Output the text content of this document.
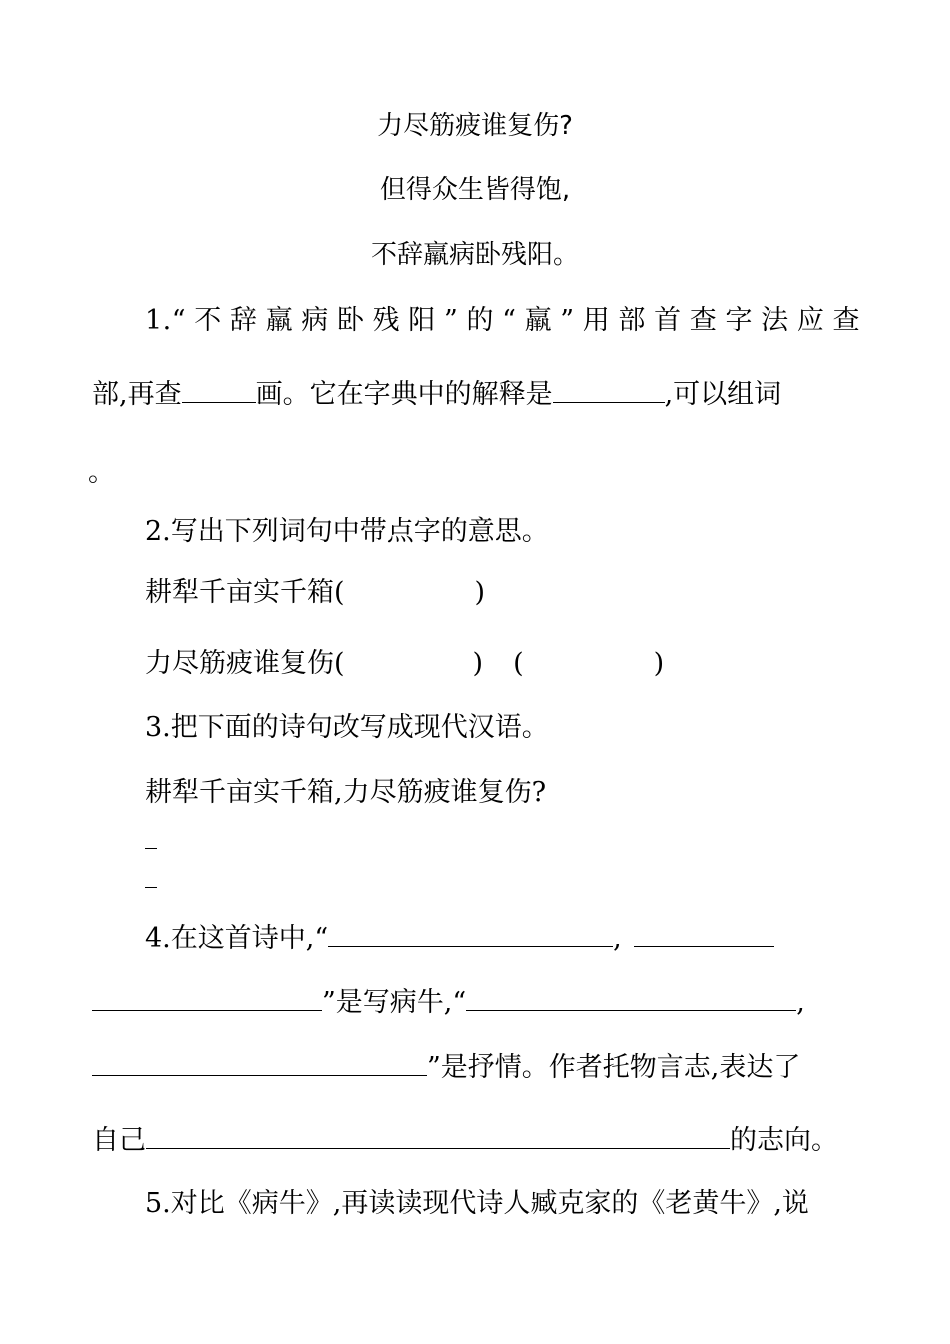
力尽筋疲谁复伤?
但得众生皆得饱,
不辞羸病卧残阳。
1.“不辞羸病卧残阳”的“羸”用部首查字法应查
部,再查	画。它在字典中的解释是	,可以组词
。
2.写出下列词句中带点字的意思。
耕犁千亩实千箱(	)
力尽筋疲谁复伤(	) (	)
3.把下面的诗句改写成现代汉语。
耕犁千亩实千箱,力尽筋疲谁复伤?
4.在这首诗中,“	,
”是写病牛,“	,
”是抒情。作者托物言志,表达了
自己	的志向。
5.对比《病牛》,再读读现代诗人臧克家的《老黄牛》,说
